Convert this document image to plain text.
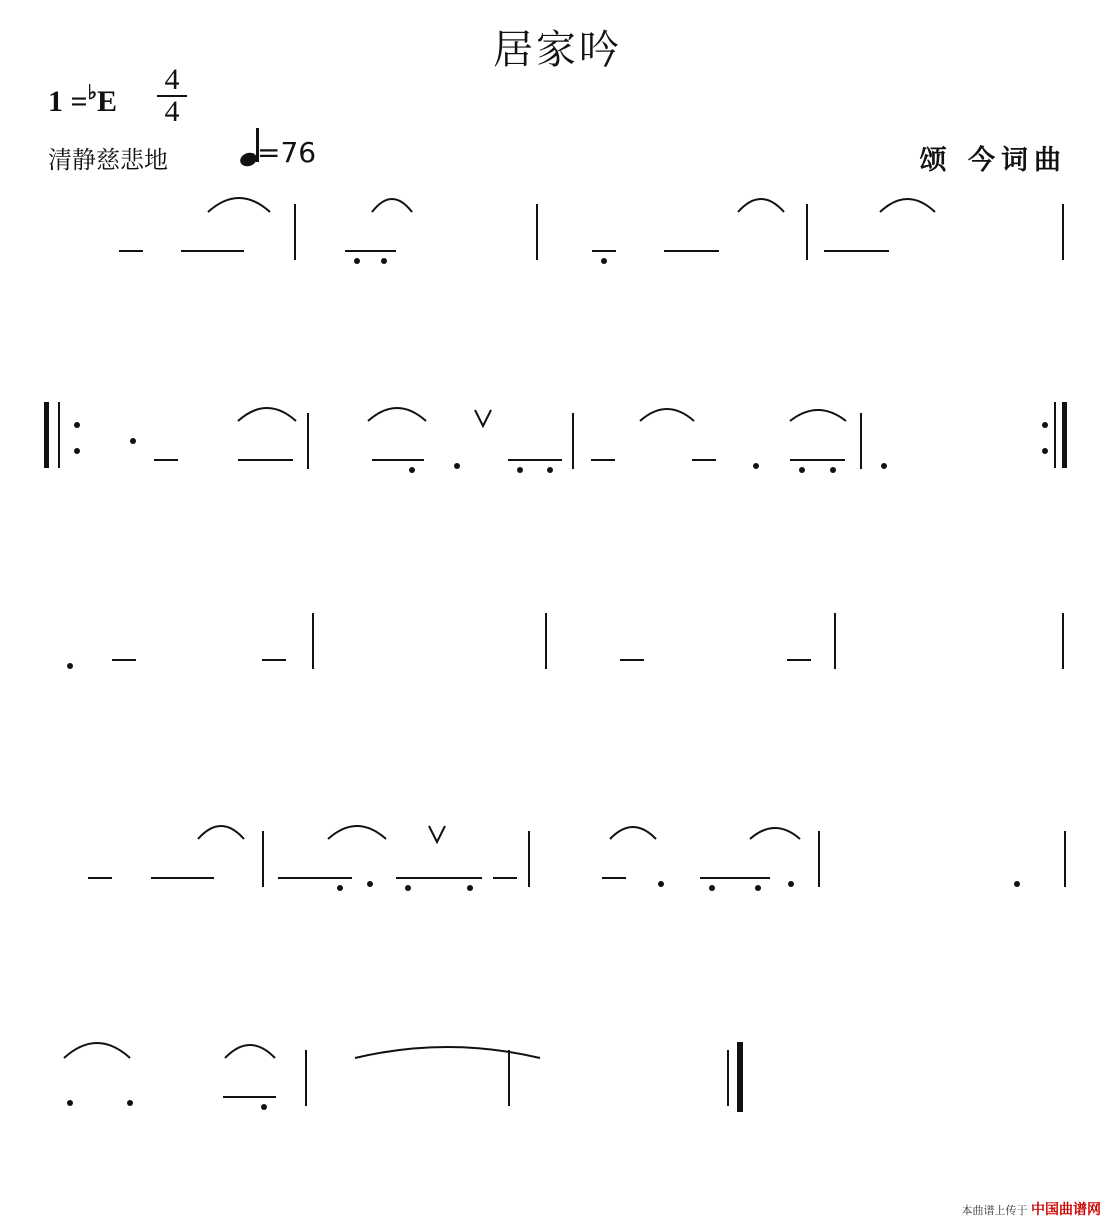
居家吟
1 =♭E
4
4
清静慈悲地	=76	颂 今词曲
本曲谱上传于 中国曲谱网
